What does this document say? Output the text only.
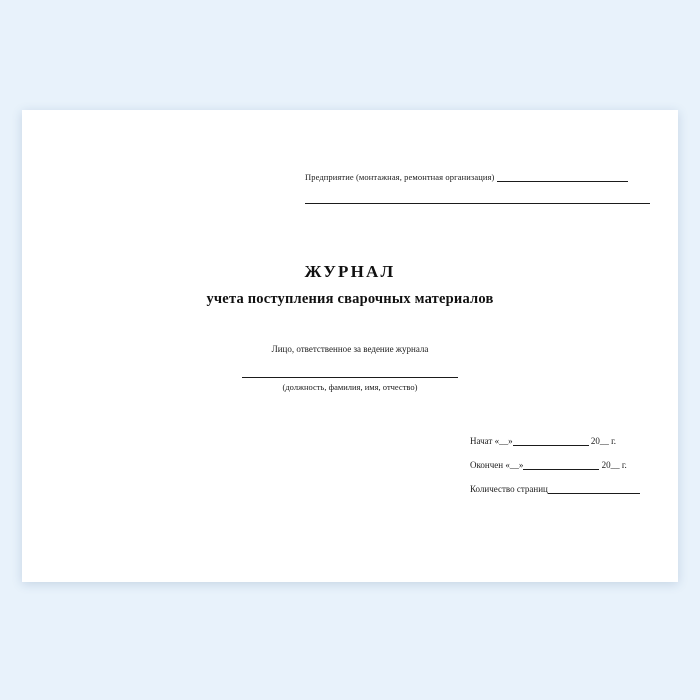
Предприятие (монтажная, ремонтная организация)
ЖУРНАЛ
учета поступления сварочных материалов
Лицо, ответственное за ведение журнала
(должность, фамилия, имя, отчество)
Начат «__»	20__ г.
Окончен «__»	20__ г.
Количество страниц
